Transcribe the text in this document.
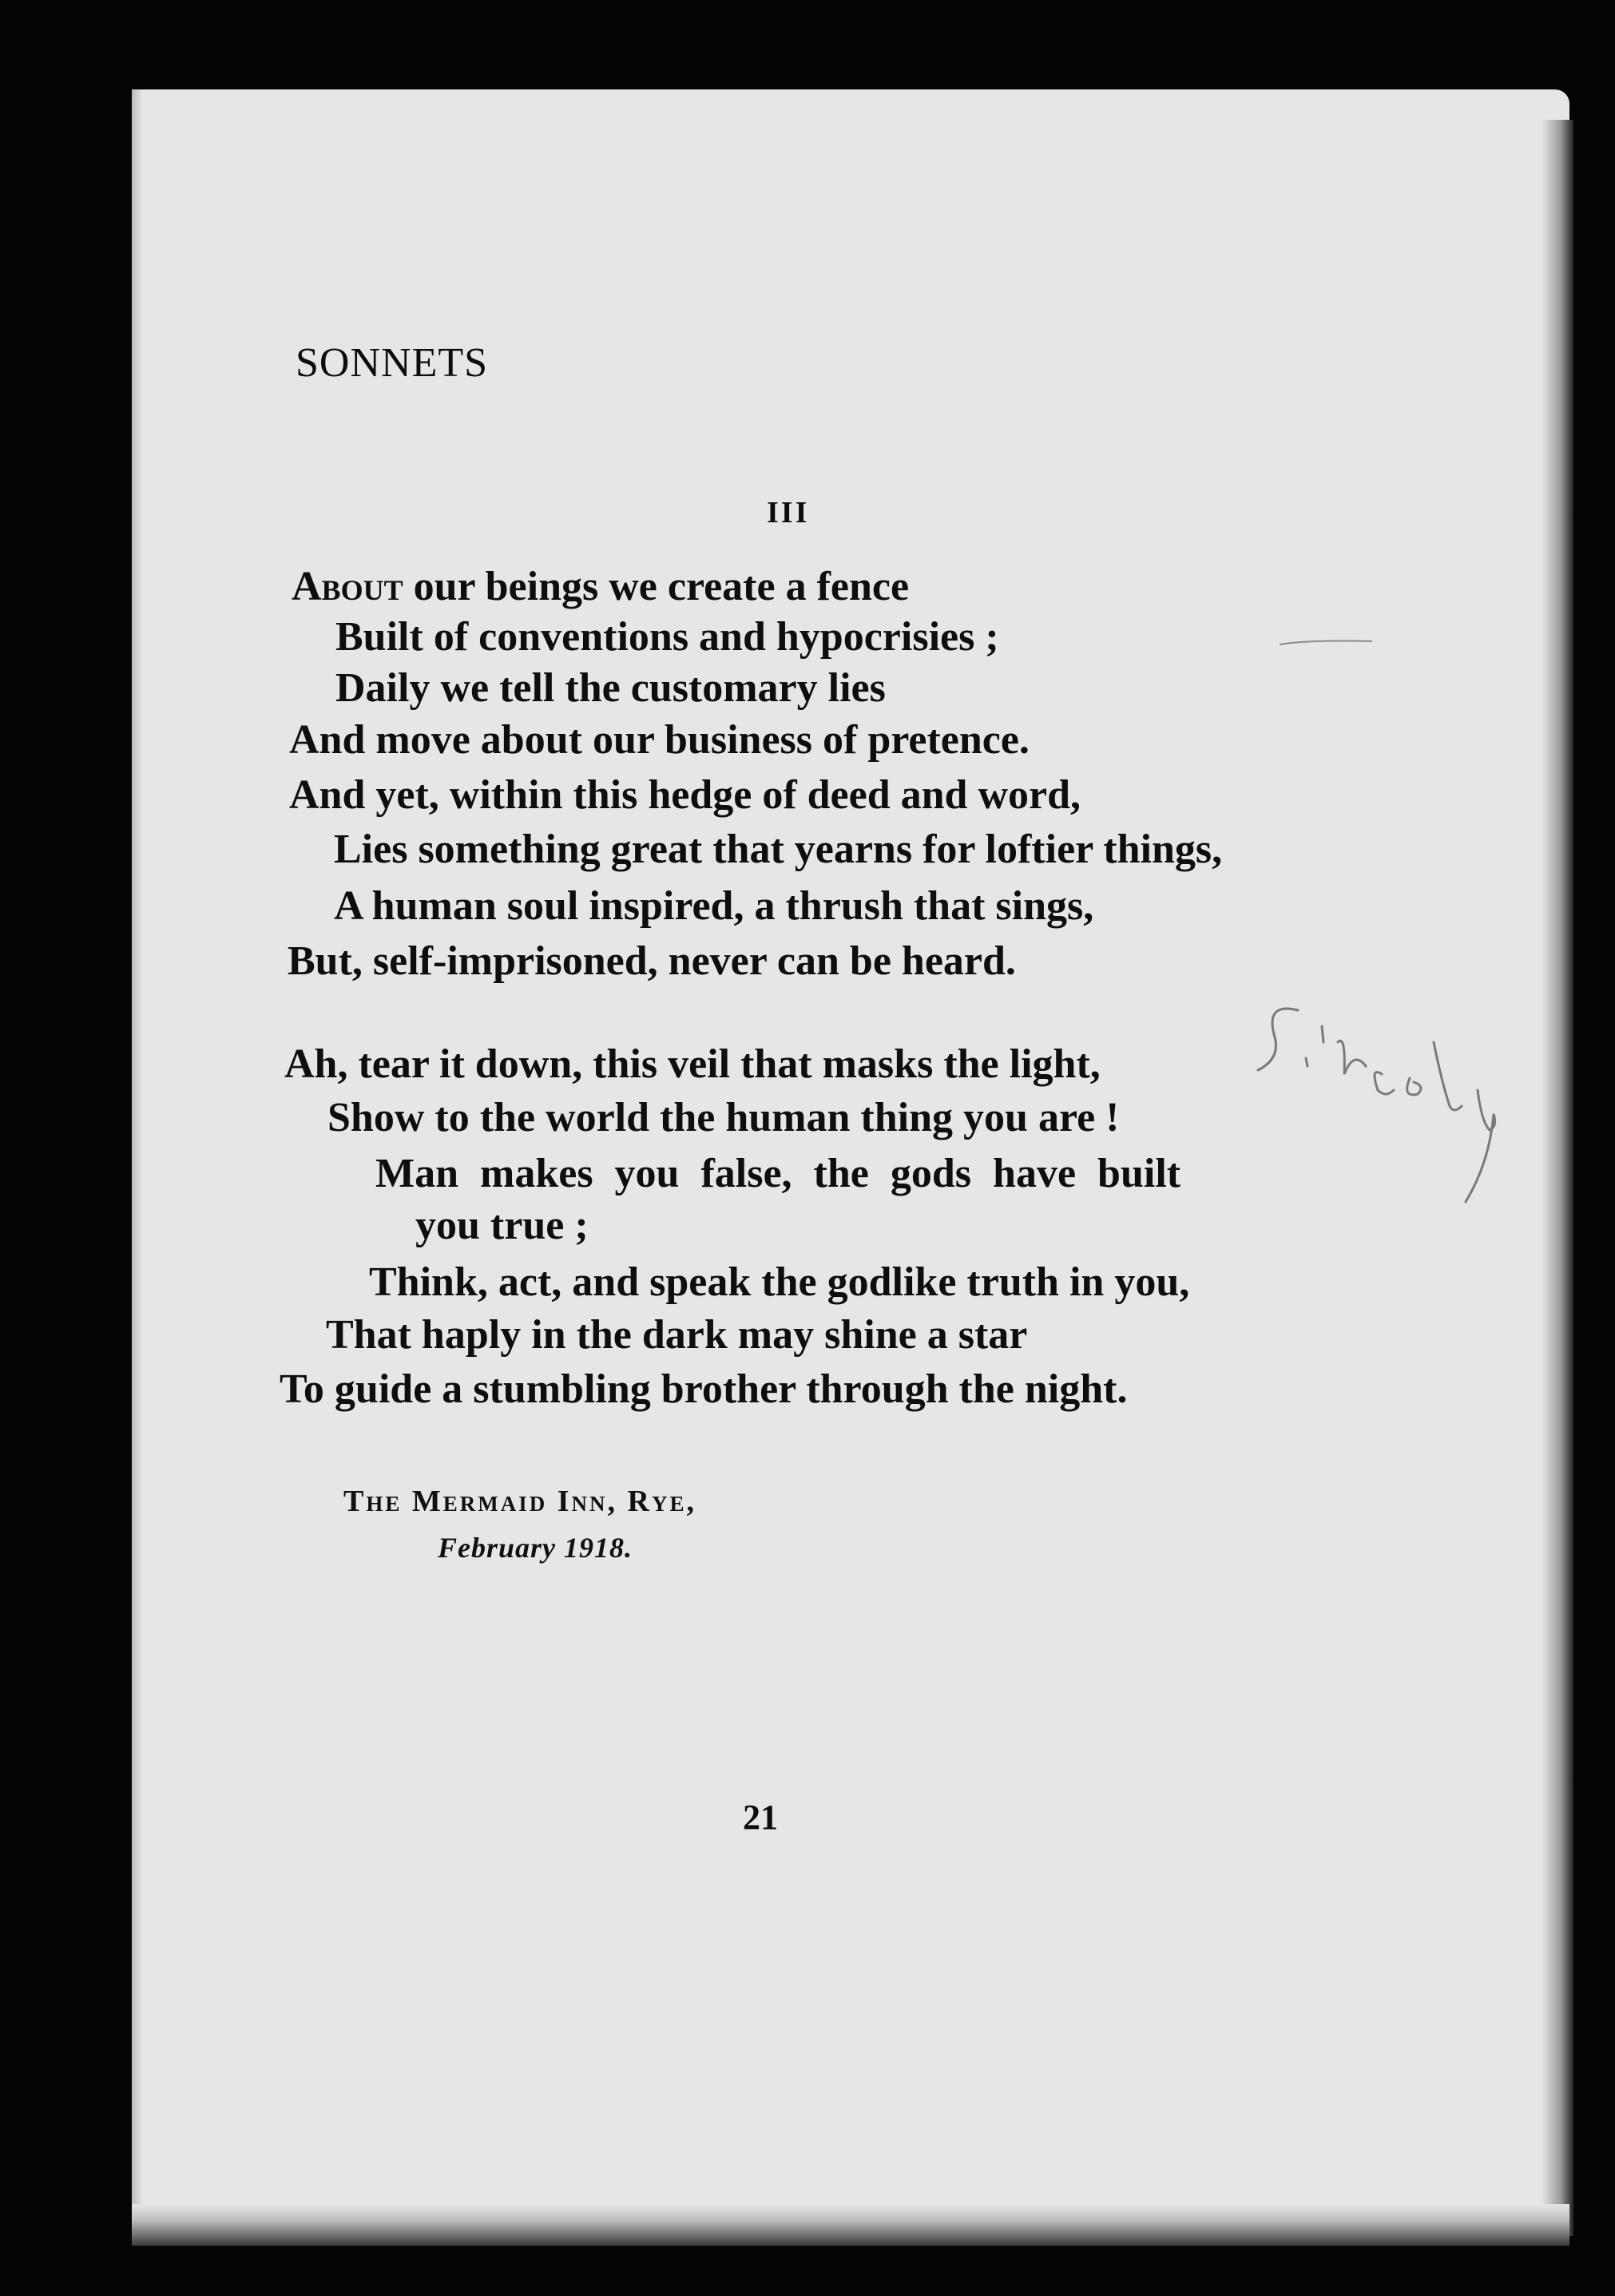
SONNETS
III
About our beings we create a fence
Built of conventions and hypocrisies ;
Daily we tell the customary lies
And move about our business of pretence.
And yet, within this hedge of deed and word,
Lies something great that yearns for loftier things,
A human soul inspired, a thrush that sings,
But, self-imprisoned, never can be heard.
Ah, tear it down, this veil that masks the light,
Show to the world the human thing you are !
Man makes you false, the gods have built
you true ;
Think, act, and speak the godlike truth in you,
That haply in the dark may shine a star
To guide a stumbling brother through the night.
The Mermaid Inn, Rye,
February 1918.
21
